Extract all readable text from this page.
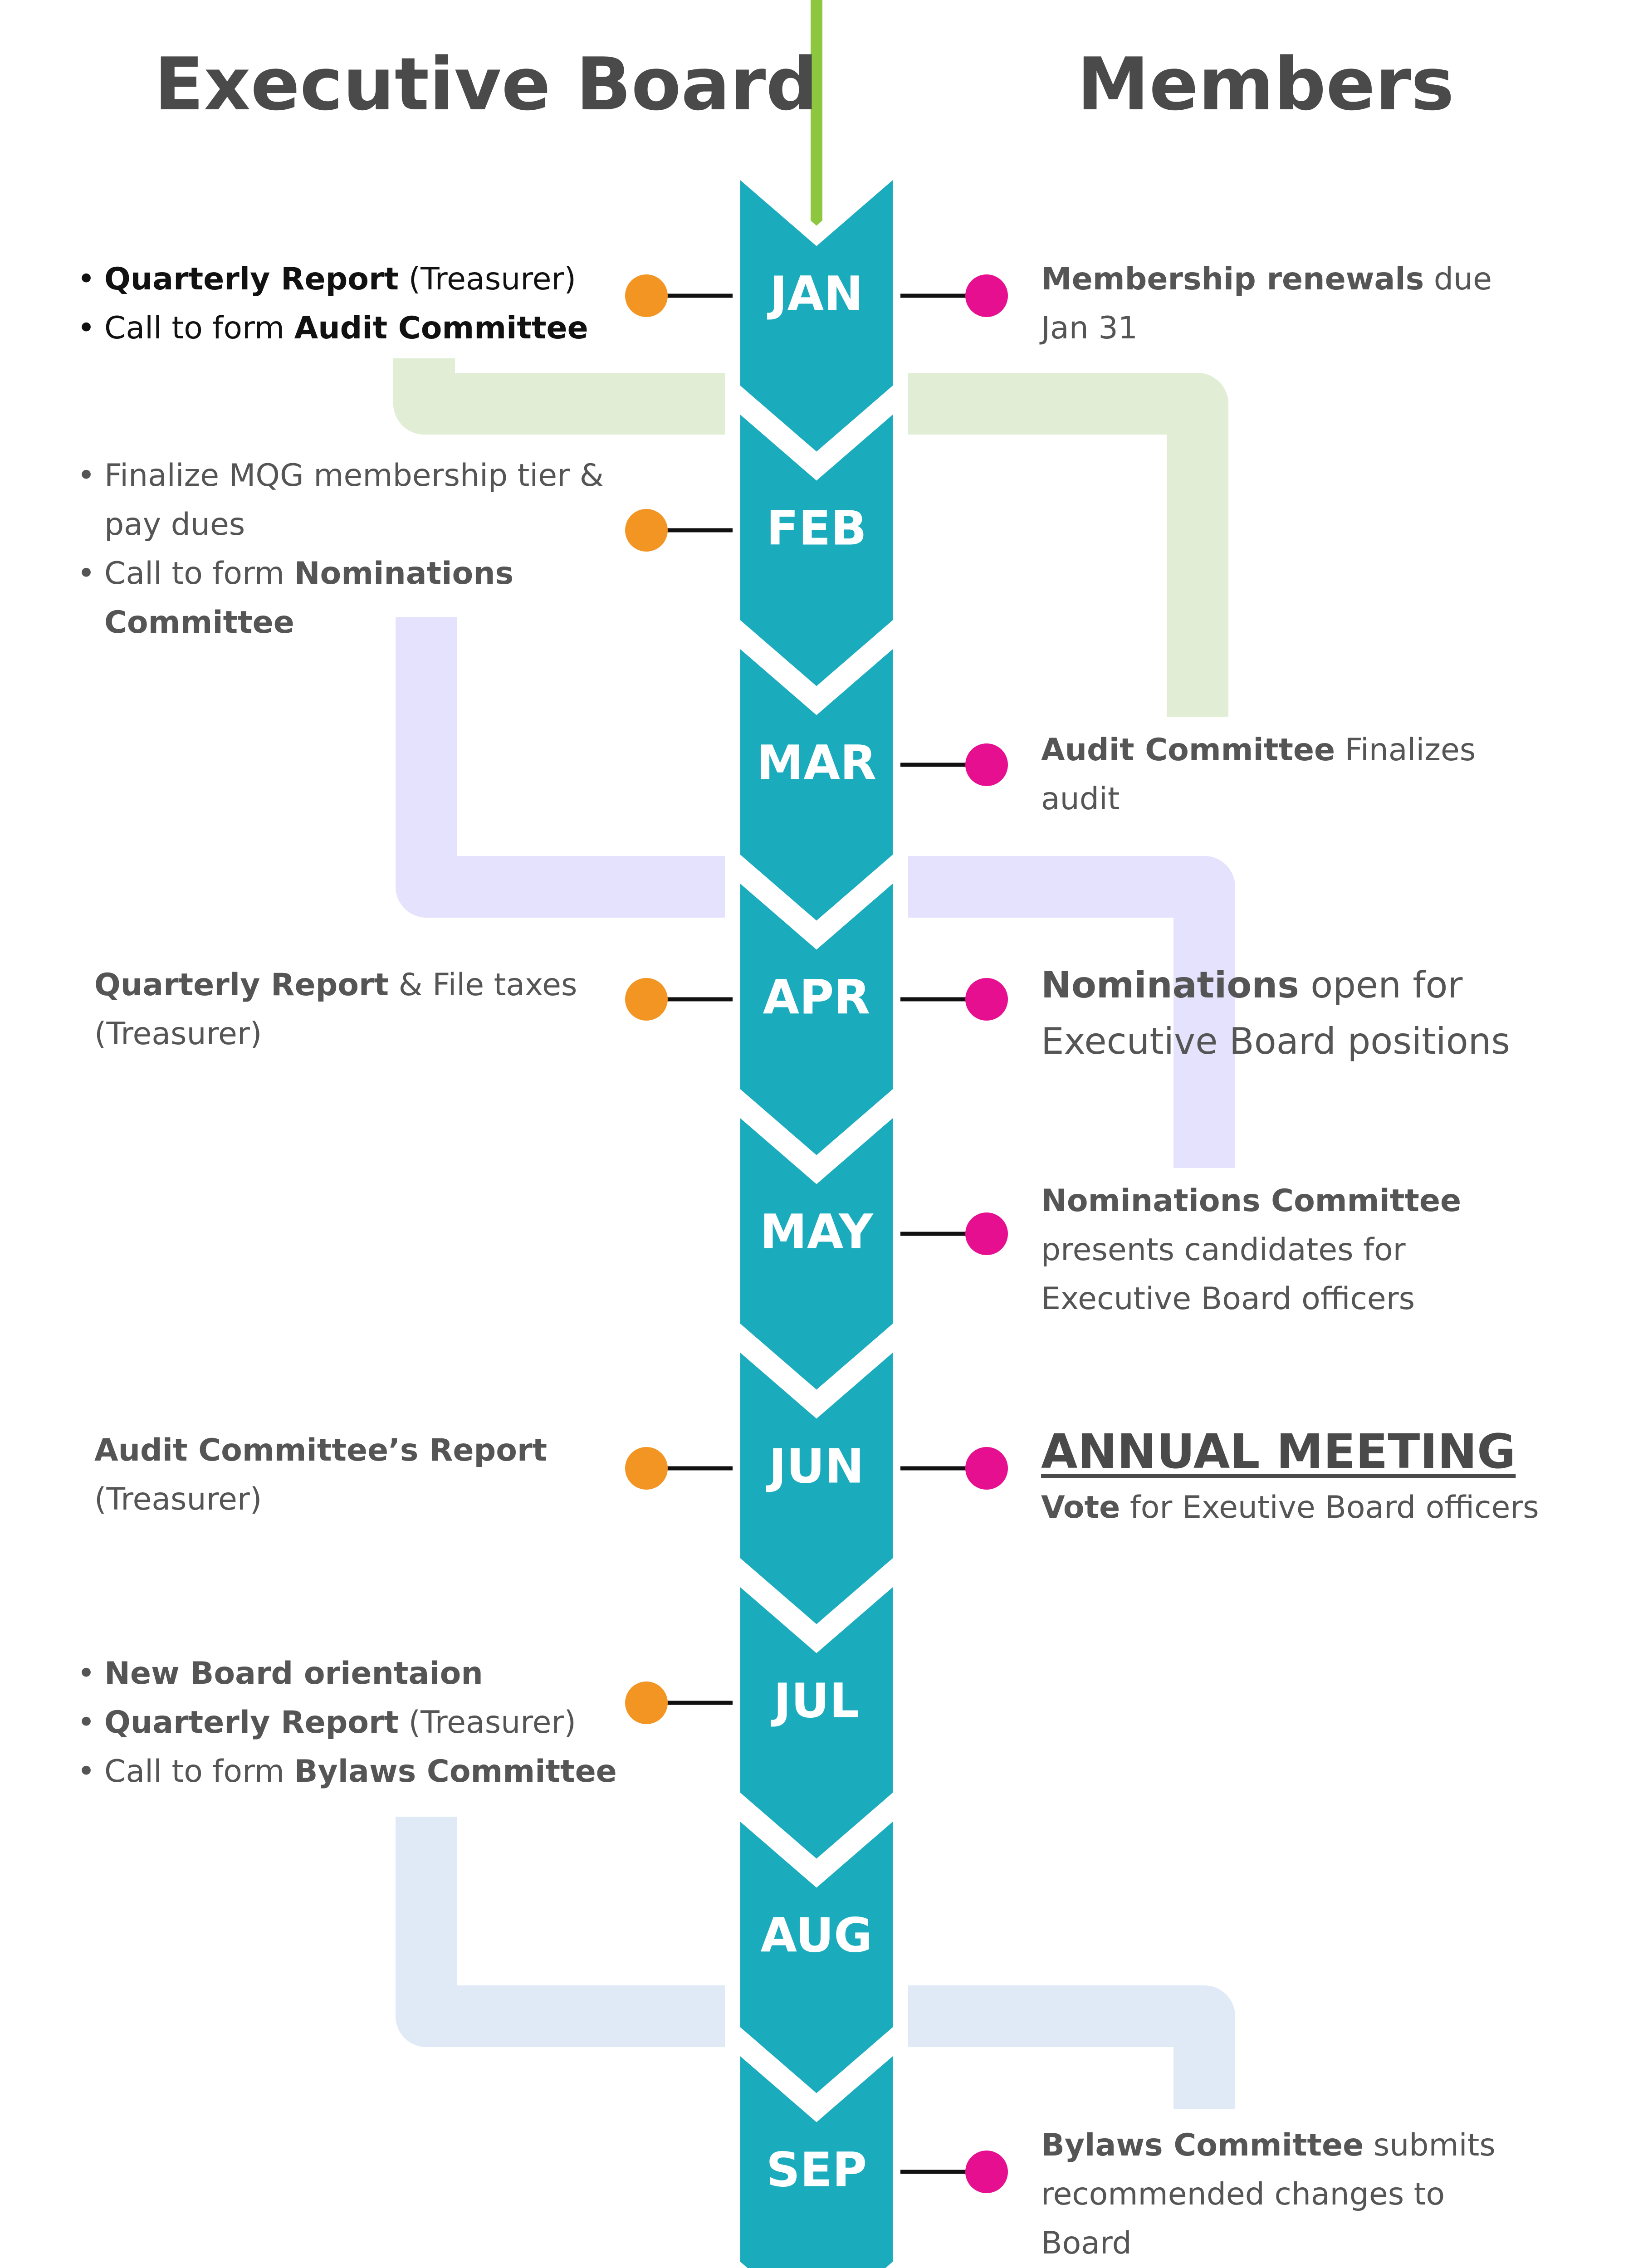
JAN
FEB
MAR
APR
MAY
JUN
JUL
AUG
SEP
Executive Board	Members
• Quarterly Report (Treasurer)
• Call to form Audit Committee
• Finalize MQG membership tier & pay dues
• Call to form Nominations Committee
Quarterly Report & File taxes (Treasurer)
Audit Committee’s Report
(Treasurer)
• New Board orientaion
• Quarterly Report (Treasurer)
• Call to form Bylaws Committee
Membership renewals due Jan 31
Audit Committee Finalizes audit
Nominations open for Executive Board positions
Nominations Committee presents candidates for Executive Board officers
ANNUAL MEETING
Vote for Exeutive Board officers
Bylaws Committee submits recommended changes to Board
